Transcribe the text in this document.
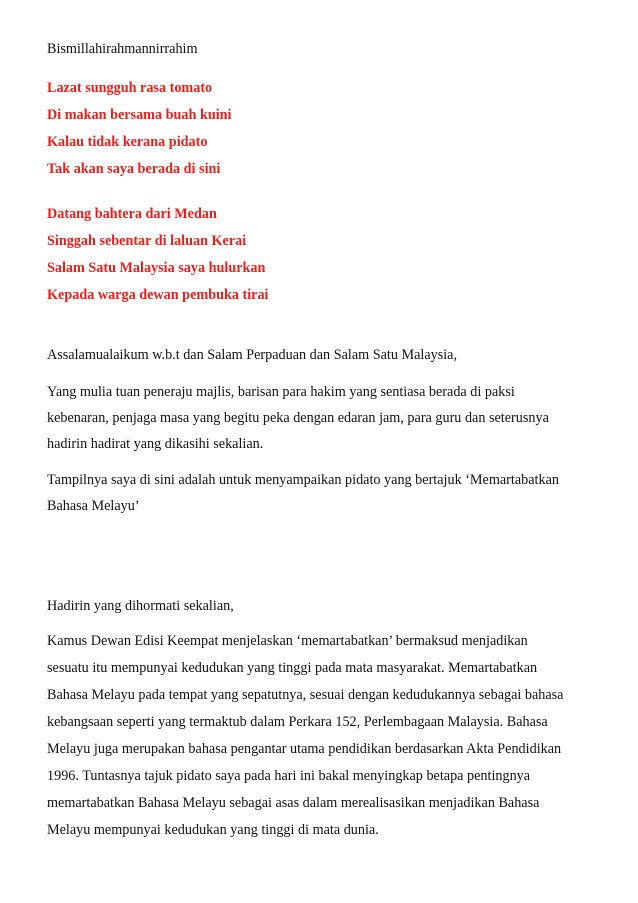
Bismillahirahmannirrahim
Lazat sungguh rasa tomato
Di makan bersama buah kuini
Kalau tidak kerana pidato
Tak akan saya berada di sini
Datang bahtera dari Medan
Singgah sebentar di laluan Kerai
Salam Satu Malaysia saya hulurkan
Kepada warga dewan pembuka tirai
Assalamualaikum w.b.t dan Salam Perpaduan dan Salam Satu Malaysia,
Yang mulia tuan peneraju majlis, barisan para hakim yang sentiasa berada di paksi
kebenaran, penjaga masa yang begitu peka dengan edaran jam, para guru dan seterusnya
hadirin hadirat yang dikasihi sekalian.
Tampilnya saya di sini adalah untuk menyampaikan pidato yang bertajuk ‘Memartabatkan
Bahasa Melayu’
Hadirin yang dihormati sekalian,
Kamus Dewan Edisi Keempat menjelaskan ‘memartabatkan’ bermaksud menjadikan
sesuatu itu mempunyai kedudukan yang tinggi pada mata masyarakat. Memartabatkan
Bahasa Melayu pada tempat yang sepatutnya, sesuai dengan kedudukannya sebagai bahasa
kebangsaan seperti yang termaktub dalam Perkara 152, Perlembagaan Malaysia. Bahasa
Melayu juga merupakan bahasa pengantar utama pendidikan berdasarkan Akta Pendidikan
1996. Tuntasnya tajuk pidato saya pada hari ini bakal menyingkap betapa pentingnya
memartabatkan Bahasa Melayu sebagai asas dalam merealisasikan menjadikan Bahasa
Melayu mempunyai kedudukan yang tinggi di mata dunia.
